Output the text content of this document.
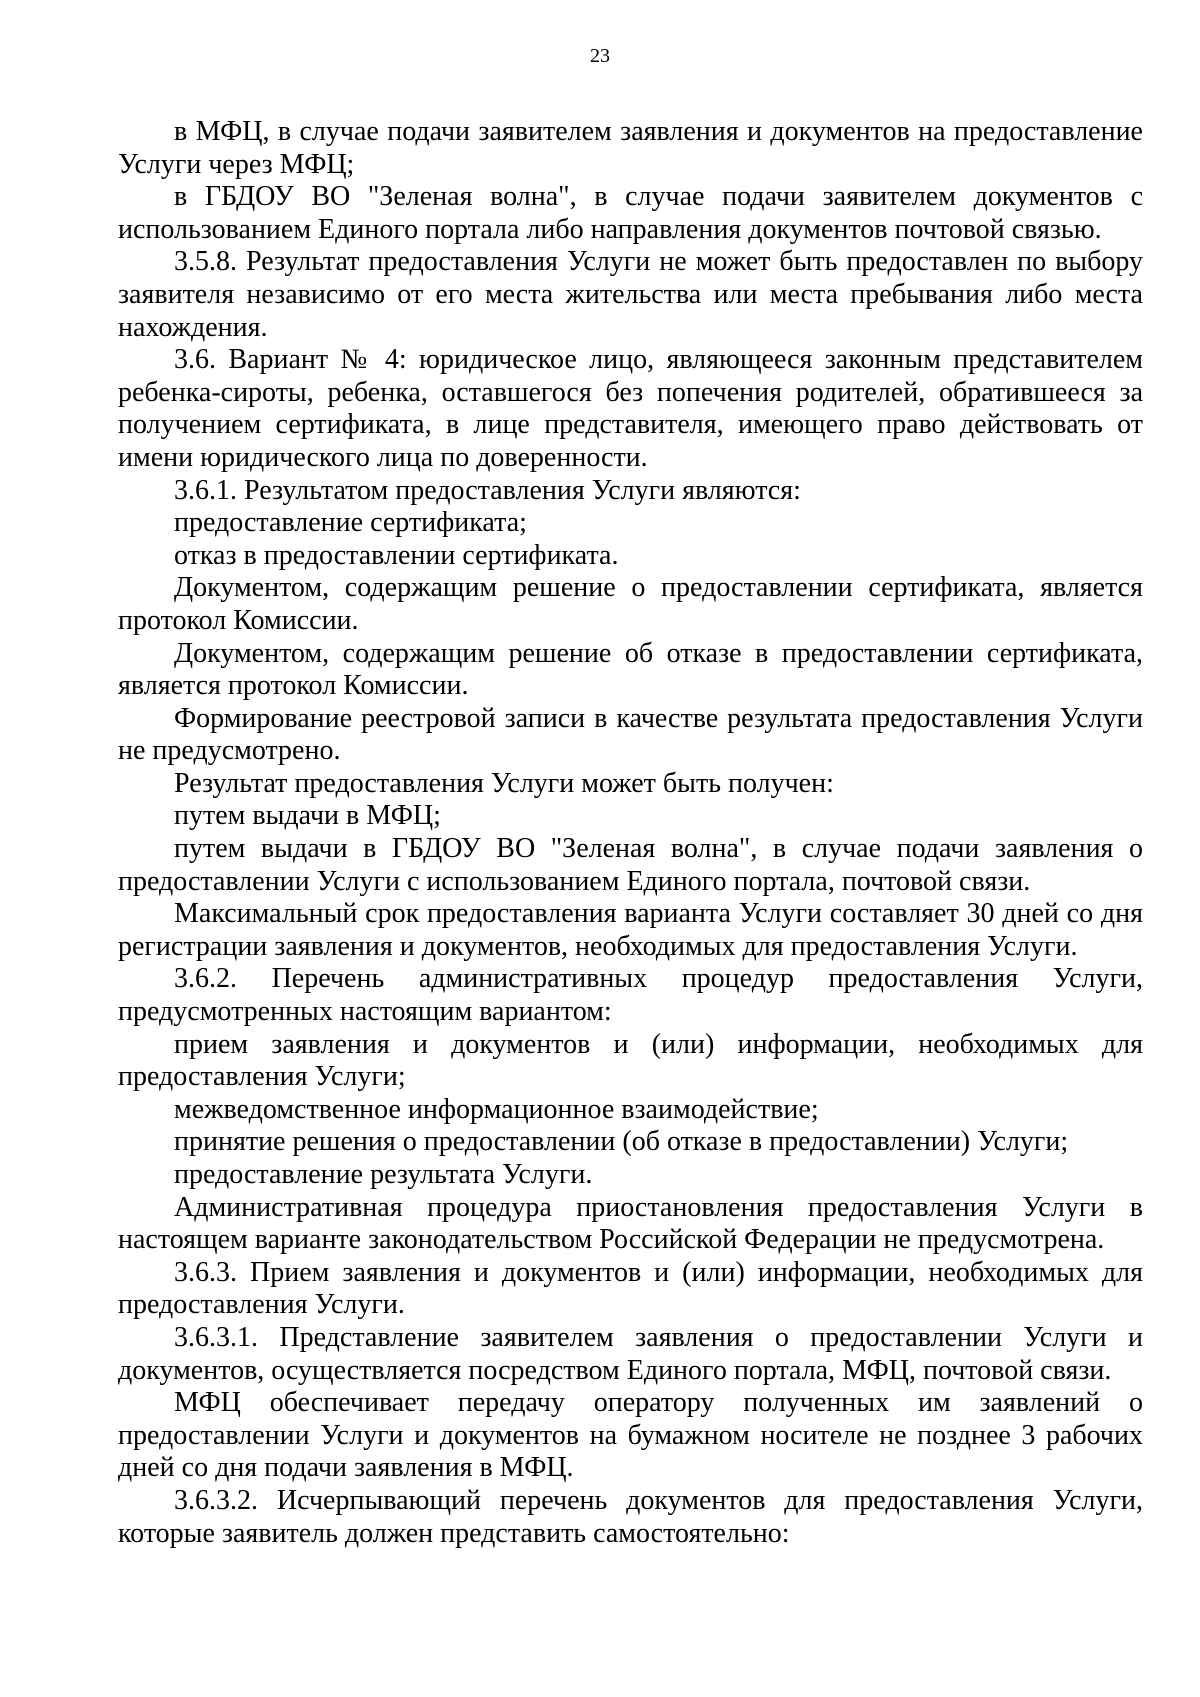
23

в МФЦ, в случае подачи заявителем заявления и документов на предоставление Услуги через МФЦ;

в ГБДОУ ВО "Зеленая волна", в случае подачи заявителем документов с использованием Единого портала либо направления документов почтовой связью.

3.5.8. Результат предоставления Услуги не может быть предоставлен по выбору заявителя независимо от его места жительства или места пребывания либо места нахождения.

3.6. Вариант № 4: юридическое лицо, являющееся законным представителем ребенка-сироты, ребенка, оставшегося без попечения родителей, обратившееся за получением сертификата, в лице представителя, имеющего право действовать от имени юридического лица по доверенности.

3.6.1. Результатом предоставления Услуги являются:

предоставление сертификата;

отказ в предоставлении сертификата.

Документом, содержащим решение о предоставлении сертификата, является протокол Комиссии.

Документом, содержащим решение об отказе в предоставлении сертификата, является протокол Комиссии.

Формирование реестровой записи в качестве результата предоставления Услуги не предусмотрено.

Результат предоставления Услуги может быть получен:

путем выдачи в МФЦ;

путем выдачи в ГБДОУ ВО "Зеленая волна", в случае подачи заявления о предоставлении Услуги с использованием Единого портала, почтовой связи.

Максимальный срок предоставления варианта Услуги составляет 30 дней со дня регистрации заявления и документов, необходимых для предоставления Услуги.

3.6.2. Перечень административных процедур предоставления Услуги, предусмотренных настоящим вариантом:

прием заявления и документов и (или) информации, необходимых для предоставления Услуги;

межведомственное информационное взаимодействие;

принятие решения о предоставлении (об отказе в предоставлении) Услуги;

предоставление результата Услуги.

Административная процедура приостановления предоставления Услуги в настоящем варианте законодательством Российской Федерации не предусмотрена.

3.6.3. Прием заявления и документов и (или) информации, необходимых для предоставления Услуги.

3.6.3.1. Представление заявителем заявления о предоставлении Услуги и документов, осуществляется посредством Единого портала, МФЦ, почтовой связи.

МФЦ обеспечивает передачу оператору полученных им заявлений о предоставлении Услуги и документов на бумажном носителе не позднее 3 рабочих дней со дня подачи заявления в МФЦ.

3.6.3.2. Исчерпывающий перечень документов для предоставления Услуги, которые заявитель должен представить самостоятельно:
